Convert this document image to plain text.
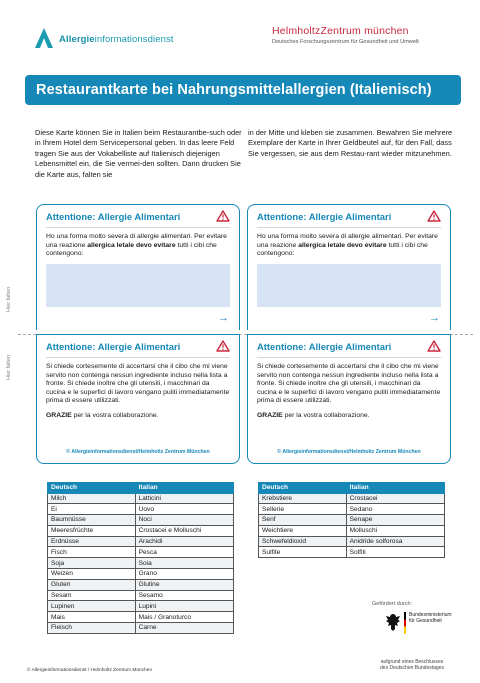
Allergieinformationsdienst
HelmholtzZentrum münchen
Deutsches Forschungszentrum für Gesundheit und Umwelt
Restaurantkarte bei Nahrungsmittelallergien (Italienisch)

Diese Karte können Sie in Italien beim Restaurantbe-such oder in Ihrem Hotel dem Servicepersonal geben. In das leere Feld tragen Sie aus der Vokabelliste auf Italienisch diejenigen Lebensmittel ein, die Sie vermei-den sollten. Dann drucken Sie die Karte aus, falten sie

in der Mitte und kleben sie zusammen. Bewahren Sie mehrere Exemplare der Karte in Ihrer Geldbeutel auf, für den Fall, dass Sie vergessen, sie aus dem Restau-rant wieder mitzunehmen.

Hier falten
Hier falten
Attentione: Allergie Alimentari
Ho una forma molto severa di allergie alimentari. Per evitare una reazione allergica letale devo evitare tutti i cibi che contengono:
→
Attentione: Allergie Alimentari
Ho una forma molto severa di allergie alimentari. Per evitare una reazione allergica letale devo evitare tutti i cibi che contengono:
→
Attentione: Allergie Alimentari
Si chiede cortesemente di accertarsi che il cibo che mi viene servito non contenga nessun ingrediente incluso nella lista a fronte. Si chiede inoltre che gli utensili, i macchinari da cucina e le superfici di lavoro vengano puliti immediatamente prima di essere utilizzati.
GRAZIE per la vostra collaborazione.
© Allergieinformationsdienst/Helmholtz Zentrum München
Attentione: Allergie Alimentari
Si chiede cortesemente di accertarsi che il cibo che mi viene servito non contenga nessun ingrediente incluso nella lista a fronte. Si chiede inoltre che gli utensili, i macchinari da cucina e le superfici di lavoro vengano puliti immediatamente prima di essere utilizzati.
GRAZIE per la vostra collaborazione.
© Allergieinformationsdienst/Helmholtz Zentrum München
Deutsch	Italian
Milch	Latticini
Ei	Uovo
Baumnüsse	Noci
Meeresfrüchte	Crostacei e Molluschi
Erdnüsse	Arachidi
Fisch	Pesca
Soja	Soia
Weizen	Grano
Gluten	Glutine
Sesam	Sesamo
Lupinen	Lupini
Mais	Mais / Granoturco
Fleisch	Carne
Deutsch	Italian
Krebstiere	Crostacei
Sellerie	Sedano
Senf	Senape
Weichtiere	Molluschi
Schwefeldioxid	Anidride solforosa
Sulfite	Solfiti
© Allergieinformationsdienst / Helmholtz Zentrum München
Gefördert durch:
Bundesministerium
für Gesundheit
aufgrund eines Beschlusses
des Deutschen Bundestages
